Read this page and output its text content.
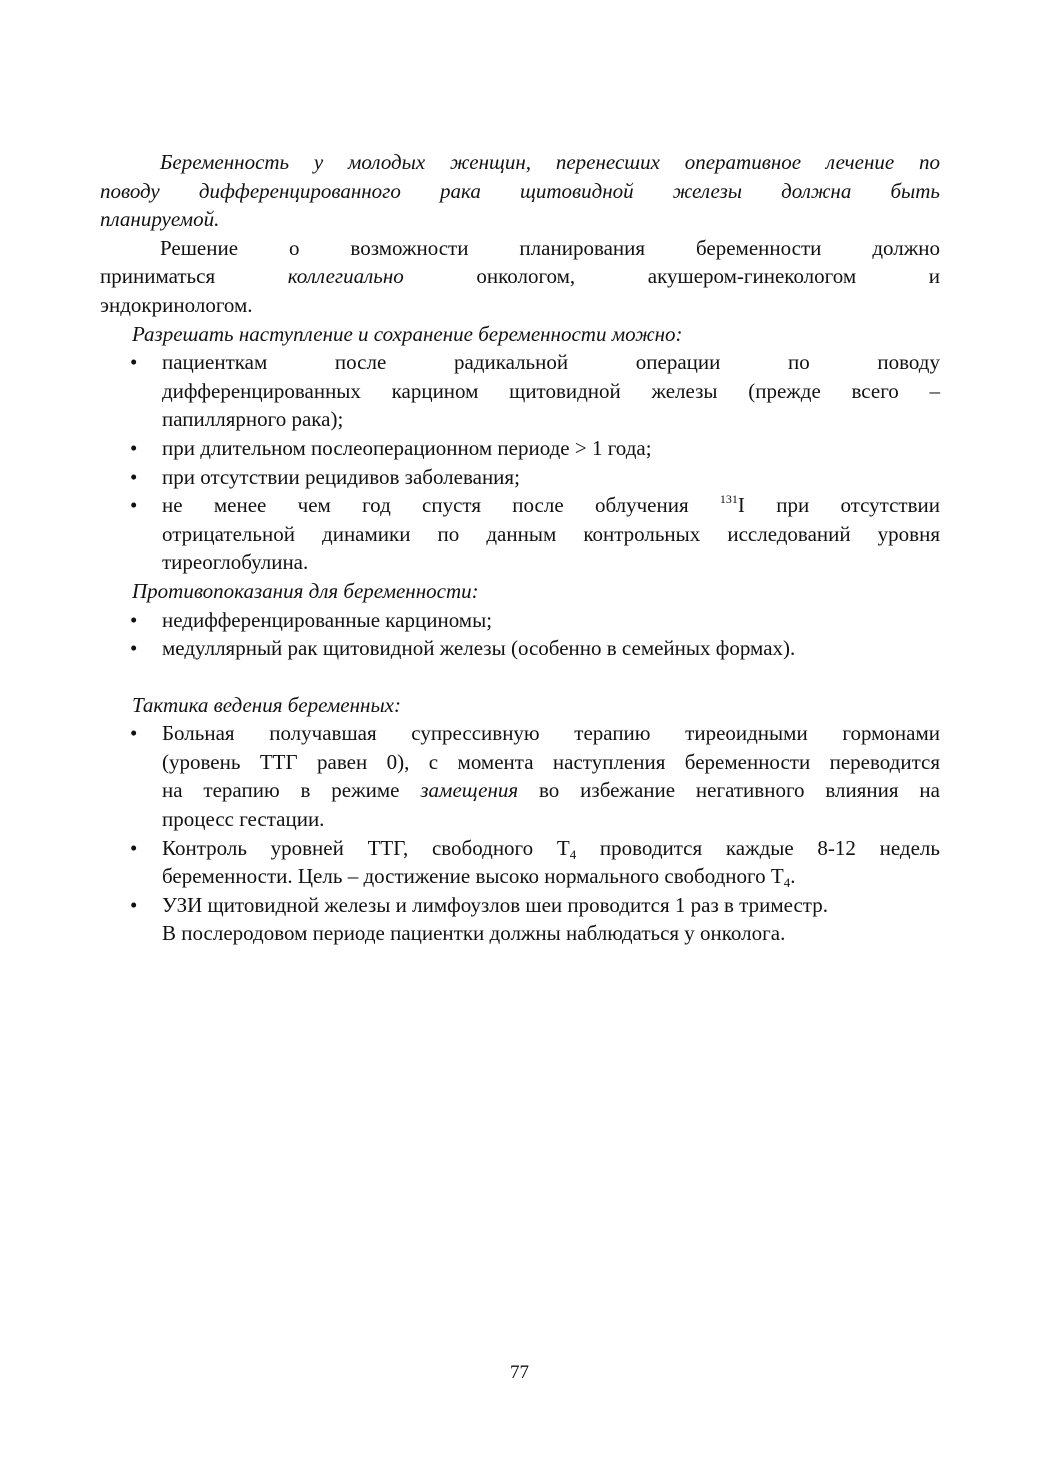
Беременность у молодых женщин, перенесших оперативное лечение по

поводу дифференцированного рака щитовидной железы должна быть

планируемой.

Решение о возможности планирования беременности должно

приниматься коллегиально онкологом, акушером-гинекологом и

эндокринологом.

Разрешать наступление и сохранение беременности можно:

• пациенткам после радикальной операции по поводу

дифференцированных карцином щитовидной железы (прежде всего –

папиллярного рака);

• при длительном послеоперационном периоде > 1 года;

• при отсутствии рецидивов заболевания;

• не менее чем год спустя после облучения $^{131}$I при отсутствии

отрицательной динамики по данным контрольных исследований уровня

тиреоглобулина.

Противопоказания для беременности:

• недифференцированные карциномы;

• медуллярный рак щитовидной железы (особенно в семейных формах).

Тактика ведения беременных:

• Больная получавшая супрессивную терапию тиреоидными гормонами

(уровень ТТГ равен 0), с момента наступления беременности переводится

на терапию в режиме замещения во избежание негативного влияния на

процесс гестации.

• Контроль уровней ТТГ, свободного $Т_4$ проводится каждые 8-12 недель

беременности. Цель – достижение высоко нормального свободного $Т_4$.

• УЗИ щитовидной железы и лимфоузлов шеи проводится 1 раз в триместр.

В послеродовом периоде пациентки должны наблюдаться у онколога.

77
